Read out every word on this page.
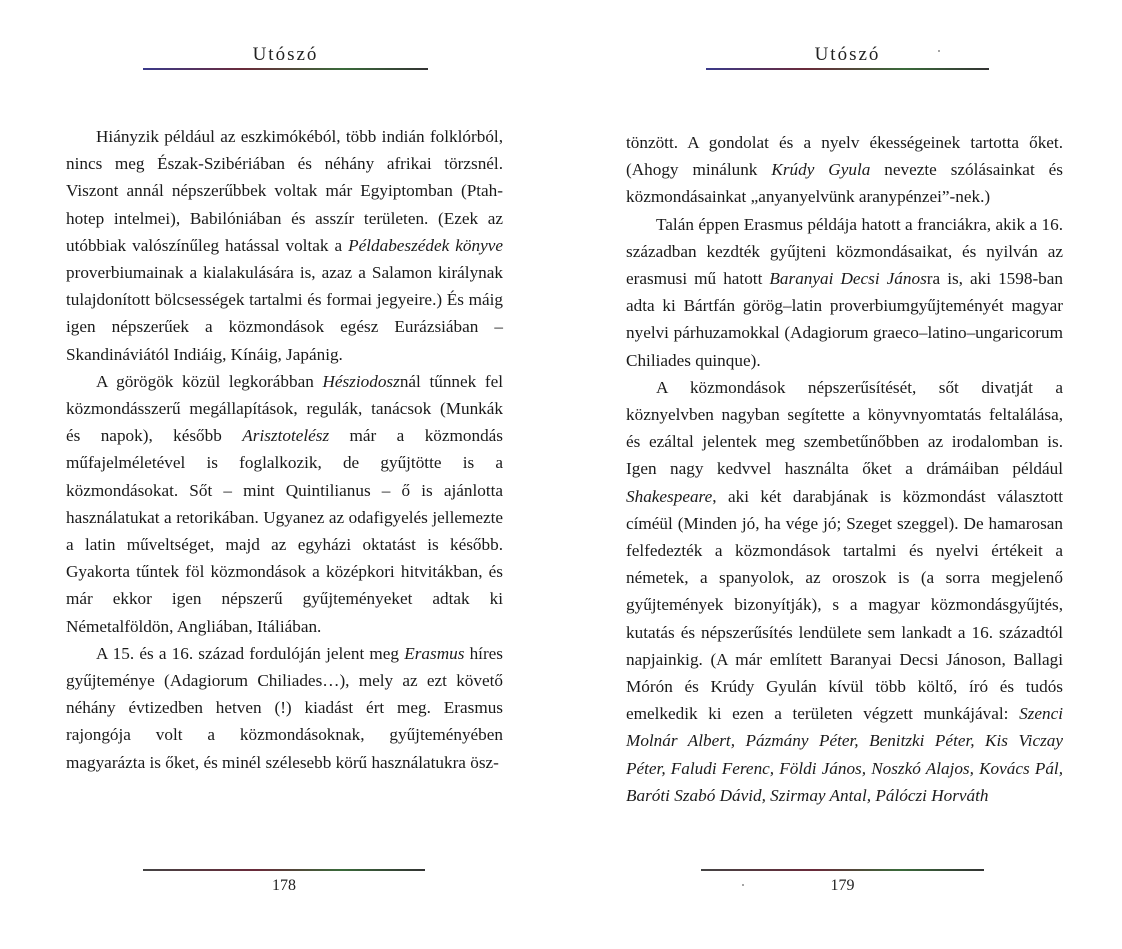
Utószó

Hiányzik például az eszkimókéból, több indián folklórból, nincs meg Észak-Szibériában és néhány afrikai törzsnél. Viszont annál népszerűbbek voltak már Egyiptomban (Ptah-hotep intelmei), Babilóniában és asszír területen. (Ezek az utóbbiak valószínűleg hatással voltak a Példabeszédek könyve proverbiumainak a kialakulására is, azaz a Salamon királynak tulajdonított bölcsességek tartalmi és formai jegyeire.) És máig igen népszerűek a közmondások egész Eurázsiában – Skandináviától Indiáig, Kínáig, Japánig.

A görögök közül legkorábban Hésziodosznál tűnnek fel közmondásszerű megállapítások, regulák, tanácsok (Munkák és napok), később Arisztotelész már a közmondás műfajelméletével is foglalkozik, de gyűjtötte is a közmondásokat. Sőt – mint Quintilianus – ő is ajánlotta használatukat a retorikában. Ugyanez az odafigyelés jellemezte a latin műveltséget, majd az egyházi oktatást is később. Gyakorta tűntek föl közmondások a középkori hitvitákban, és már ekkor igen népszerű gyűjteményeket adtak ki Németalföldön, Angliában, Itáliában.

A 15. és a 16. század fordulóján jelent meg Erasmus híres gyűjteménye (Adagiorum Chiliades…), mely az ezt követő néhány évtizedben hetven (!) kiadást ért meg. Erasmus rajongója volt a közmondásoknak, gyűjteményében magyarázta is őket, és minél szélesebb körű használatukra ösz-

178
Utószó

tönzött. A gondolat és a nyelv ékességeinek tartotta őket. (Ahogy minálunk Krúdy Gyula nevezte szólásainkat és közmondásainkat „anyanyelvünk aranypénzei”-nek.)

Talán éppen Erasmus példája hatott a franciákra, akik a 16. században kezdték gyűjteni közmondásaikat, és nyilván az erasmusi mű hatott Baranyai Decsi Jánosra is, aki 1598-ban adta ki Bártfán görög–latin proverbiumgyűjteményét magyar nyelvi párhuzamokkal (Adagiorum graeco–latino–ungaricorum Chiliades quinque).

A közmondások népszerűsítését, sőt divatját a köznyelvben nagyban segítette a könyvnyomtatás feltalálása, és ezáltal jelentek meg szembetűnőbben az irodalomban is. Igen nagy kedvvel használta őket a drámáiban például Shakespeare, aki két darabjának is közmondást választott címéül (Minden jó, ha vége jó; Szeget szeggel). De hamarosan felfedezték a közmondások tartalmi és nyelvi értékeit a németek, a spanyolok, az oroszok is (a sorra megjelenő gyűjtemények bizonyítják), s a magyar közmondásgyűjtés, kutatás és népszerűsítés lendülete sem lankadt a 16. századtól napjainkig. (A már említett Baranyai Decsi Jánoson, Ballagi Mórón és Krúdy Gyulán kívül több költő, író és tudós emelkedik ki ezen a területen végzett munkájával: Szenci Molnár Albert, Pázmány Péter, Benitzki Péter, Kis Viczay Péter, Faludi Ferenc, Földi János, Noszkó Alajos, Kovács Pál, Baróti Szabó Dávid, Szirmay Antal, Pálóczi Horváth

179
